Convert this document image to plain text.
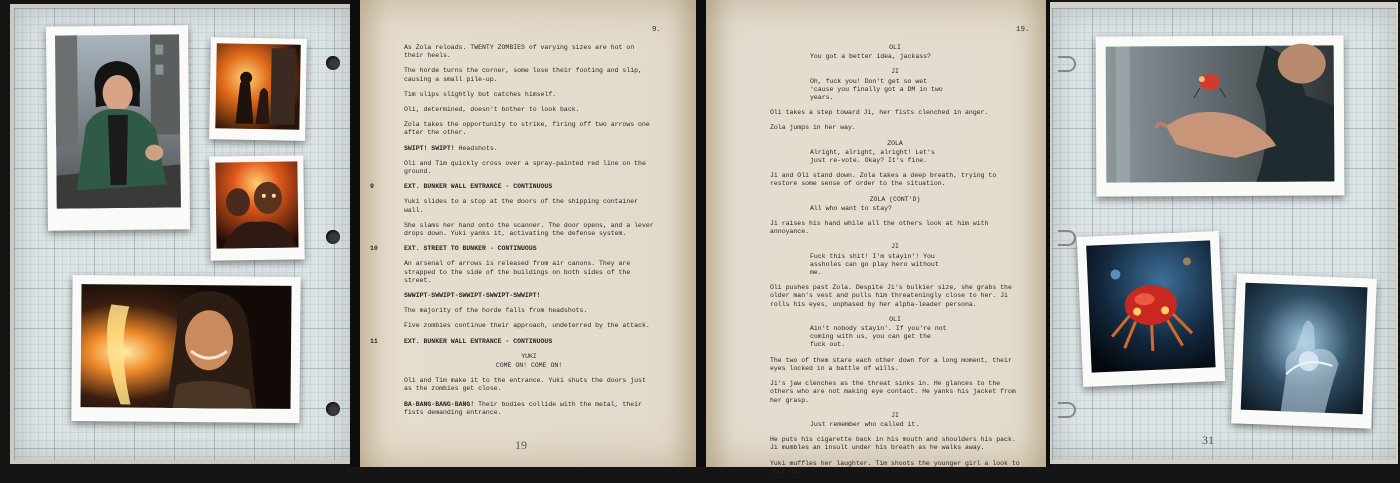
9.

As Zola reloads. TWENTY ZOMBIES of varying sizes are hot on their heels.

The horde turns the corner, some lose their footing and slip, causing a small pile-up.

Tim slips slightly but catches himself.

Oli, determined, doesn't bother to look back.

Zola takes the opportunity to strike, firing off two arrows one after the other.

SWIPT! SWIPT! Headshots.

Oli and Tim quickly cross over a spray-painted red line on the ground.

9	EXT. BUNKER WALL ENTRANCE - CONTINUOUS

Yuki slides to a stop at the doors of the shipping container wall.

She slams her hand onto the scanner. The door opens, and a lever drops down. Yuki yanks it, activating the defense system.

10	EXT. STREET TO BUNKER - CONTINUOUS

An arsenal of arrows is released from air canons. They are strapped to the side of the buildings on both sides of the street.

SWWIPT-SWWIPT-SWWIPT-SWWIPT-SWWIPT!

The majority of the horde falls from headshots.

Five zombies continue their approach, undeterred by the attack.

11	EXT. BUNKER WALL ENTRANCE - CONTINUOUS

YUKI

COME ON! COME ON!

Oli and Tim make it to the entrance. Yuki shuts the doors just as the zombies get close.

BA-BANG-BANG-BANG! Their bodies collide with the metal, their fists demanding entrance.

19
19.

OLI

You got a better idea, jackass?

JI

Oh, fuck you! Don't get so wet 'cause you finally got a DM in two years.

Oli takes a step toward Ji, her fists clenched in anger.

Zola jumps in her way.

ZOLA

Alright, alright, alright! Let's just re-vote. Okay? It's fine.

Ji and Oli stand down. Zola takes a deep breath, trying to restore some sense of order to the situation.

ZOLA (CONT'D)

All who want to stay?

Ji raises his hand while all the others look at him with annoyance.

JI

Fuck this shit! I'm stayin'! You assholes can go play hero without me.

Oli pushes past Zola. Despite Ji's bulkier size, she grabs the older man's vest and pulls him threateningly close to her. Ji rolls his eyes, unphased by her alpha-leader persona.

OLI

Ain't nobody stayin'. If you're not coming with us, you can get the fuck out.

The two of them stare each other down for a long moment, their eyes locked in a battle of wills.

Ji's jaw clenches as the threat sinks in. He glances to the others who are not making eye contact. He yanks his jacket from her grasp.

JI

Just remember who called it.

He puts his cigarette back in his mouth and shoulders his pack. Ji mumbles an insult under his breath as he walks away.

Yuki muffles her laughter. Tim shoots the younger girl a look to shut up.

31
